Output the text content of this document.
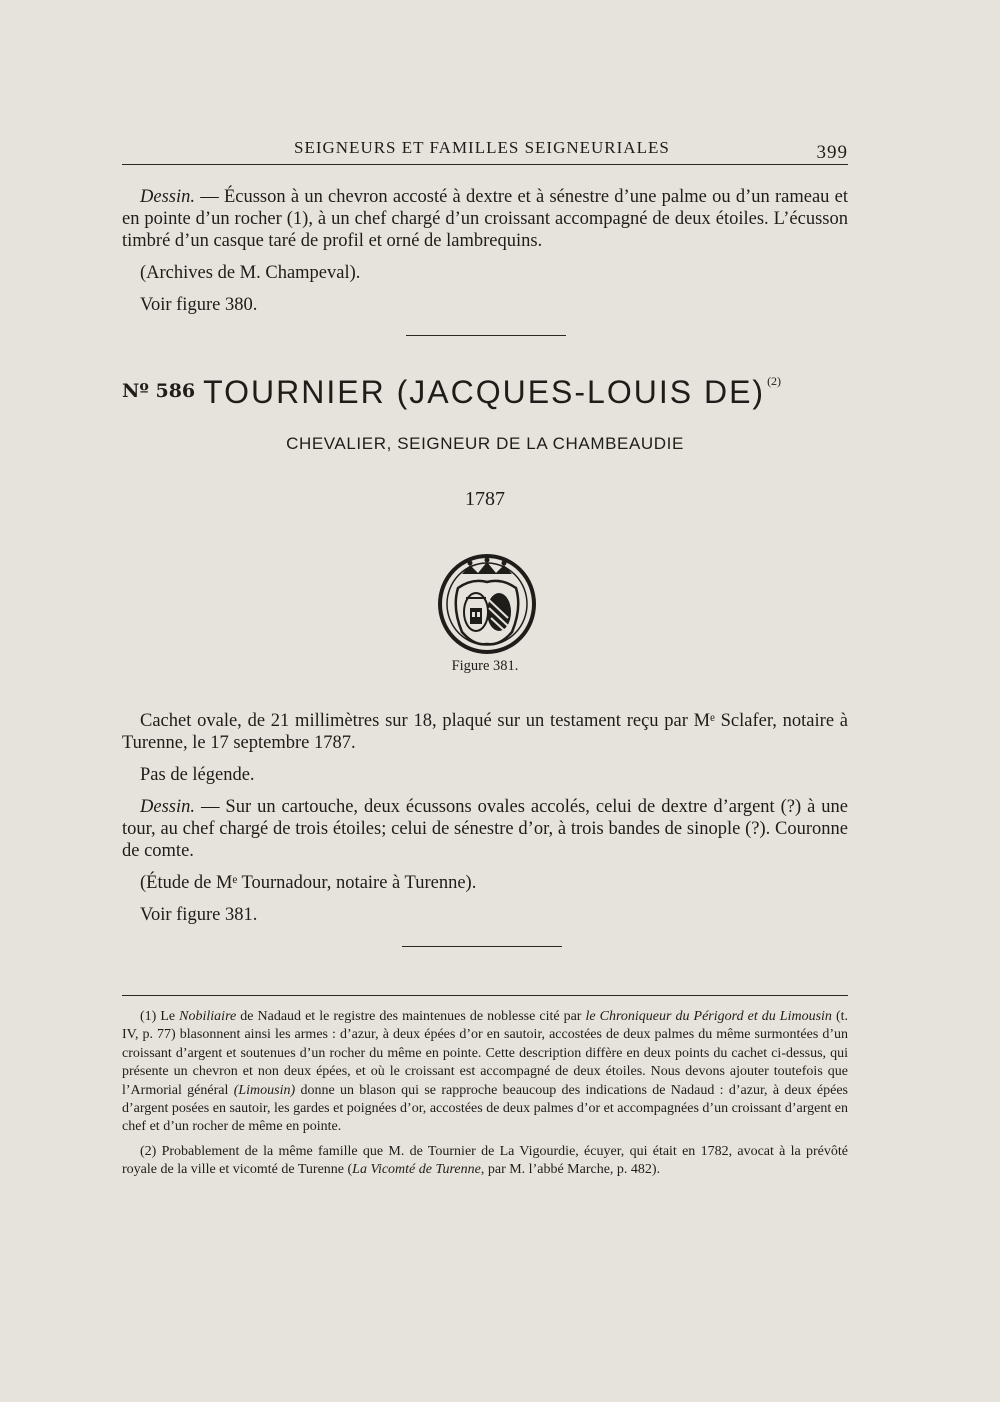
SEIGNEURS ET FAMILLES SEIGNEURIALES	399

Dessin. — Écusson à un chevron accosté à dextre et à sénestre d’une palme ou d’un rameau et en pointe d’un rocher (1), à un chef chargé d’un croissant accompagné de deux étoiles. L’écusson timbré d’un casque taré de profil et orné de lambrequins.

(Archives de M. Champeval).

Voir figure 380.

Nº 586 TOURNIER (JACQUES-LOUIS DE) $^{(2)}$
CHEVALIER, SEIGNEUR DE LA CHAMBEAUDIE
1787
Figure 381.

Cachet ovale, de 21 millimètres sur 18, plaqué sur un testament reçu par Mᵉ Sclafer, notaire à Turenne, le 17 septembre 1787.

Pas de légende.

Dessin. — Sur un cartouche, deux écussons ovales accolés, celui de dextre d’argent (?) à une tour, au chef chargé de trois étoiles; celui de sénestre d’or, à trois bandes de sinople (?). Couronne de comte.

(Étude de Mᵉ Tournadour, notaire à Turenne).

Voir figure 381.

(1) Le Nobiliaire de Nadaud et le registre des maintenues de noblesse cité par le Chroniqueur du Périgord et du Limousin (t. IV, p. 77) blasonnent ainsi les armes : d’azur, à deux épées d’or en sautoir, accostées de deux palmes du même surmontées d’un croissant d’argent et soutenues d’un rocher du même en pointe. Cette description diffère en deux points du cachet ci-dessus, qui présente un chevron et non deux épées, et où le croissant est accompagné de deux étoiles. Nous devons ajouter toutefois que l’Armorial général (Limousin) donne un blason qui se rapproche beaucoup des indications de Nadaud : d’azur, à deux épées d’argent posées en sautoir, les gardes et poignées d’or, accostées de deux palmes d’or et accompagnées d’un croissant d’argent en chef et d’un rocher de même en pointe.

(2) Probablement de la même famille que M. de Tournier de La Vigourdie, écuyer, qui était en 1782, avocat à la prévôté royale de la ville et vicomté de Turenne (La Vicomté de Turenne, par M. l’abbé Marche, p. 482).
